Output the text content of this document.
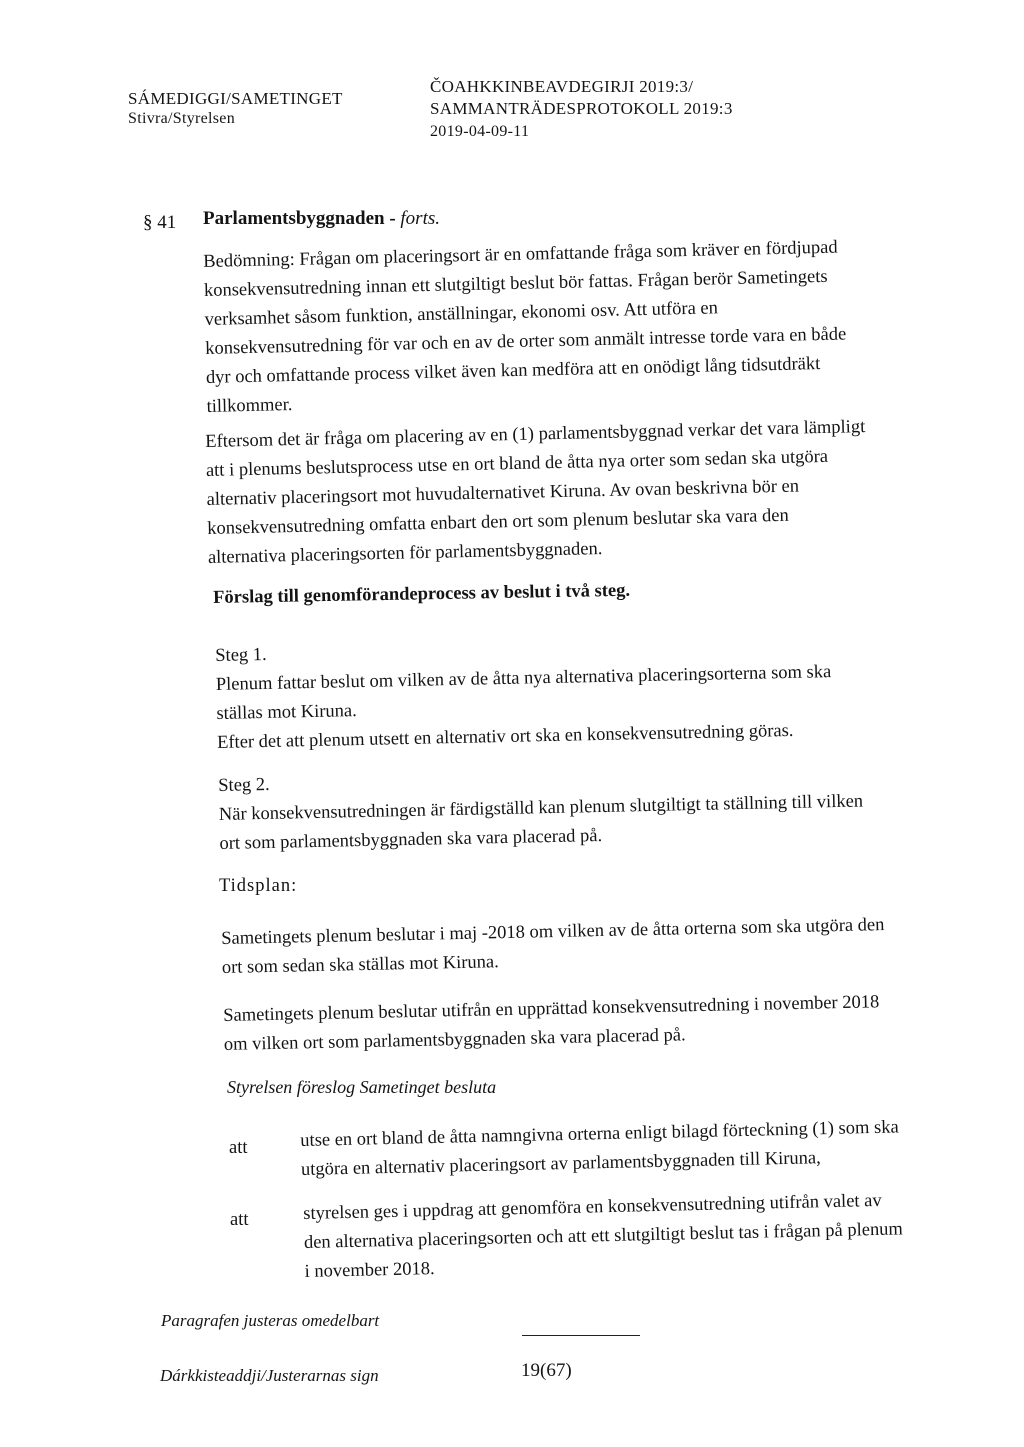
SÁMEDIGGI/SAMETINGET
Stivra/Styrelsen
ČOAHKKINBEAVDEGIRJI 2019:3/
SAMMANTRÄDESPROTOKOLL 2019:3
2019-04-09-11
§ 41 Parlamentsbyggnaden - forts.
Bedömning: Frågan om placeringsort är en omfattande fråga som kräver en fördjupad
konsekvensutredning innan ett slutgiltigt beslut bör fattas. Frågan berör Sametingets
verksamhet såsom funktion, anställningar, ekonomi osv. Att utföra en
konsekvensutredning för var och en av de orter som anmält intresse torde vara en både
dyr och omfattande process vilket även kan medföra att en onödigt lång tidsutdräkt
tillkommer.
Eftersom det är fråga om placering av en (1) parlamentsbyggnad verkar det vara lämpligt
att i plenums beslutsprocess utse en ort bland de åtta nya orter som sedan ska utgöra
alternativ placeringsort mot huvudalternativet Kiruna. Av ovan beskrivna bör en
konsekvensutredning omfatta enbart den ort som plenum beslutar ska vara den
alternativa placeringsorten för parlamentsbyggnaden.
Förslag till genomförandeprocess av beslut i två steg.
Steg 1.
Plenum fattar beslut om vilken av de åtta nya alternativa placeringsorterna som ska
ställas mot Kiruna.
Efter det att plenum utsett en alternativ ort ska en konsekvensutredning göras.
Steg 2.
När konsekvensutredningen är färdigställd kan plenum slutgiltigt ta ställning till vilken
ort som parlamentsbyggnaden ska vara placerad på.
Tidsplan:
Sametingets plenum beslutar i maj -2018 om vilken av de åtta orterna som ska utgöra den
ort som sedan ska ställas mot Kiruna.
Sametingets plenum beslutar utifrån en upprättad konsekvensutredning i november 2018
om vilken ort som parlamentsbyggnaden ska vara placerad på.
Styrelsen föreslog Sametinget besluta
att	utse en ort bland de åtta namngivna orterna enligt bilagd förteckning (1) som ska
utgöra en alternativ placeringsort av parlamentsbyggnaden till Kiruna,
att	styrelsen ges i uppdrag att genomföra en konsekvensutredning utifrån valet av
den alternativa placeringsorten och att ett slutgiltigt beslut tas i frågan på plenum
i november 2018.
Paragrafen justeras omedelbart
Dárkkisteaddji/Justerarnas sign	19(67)
